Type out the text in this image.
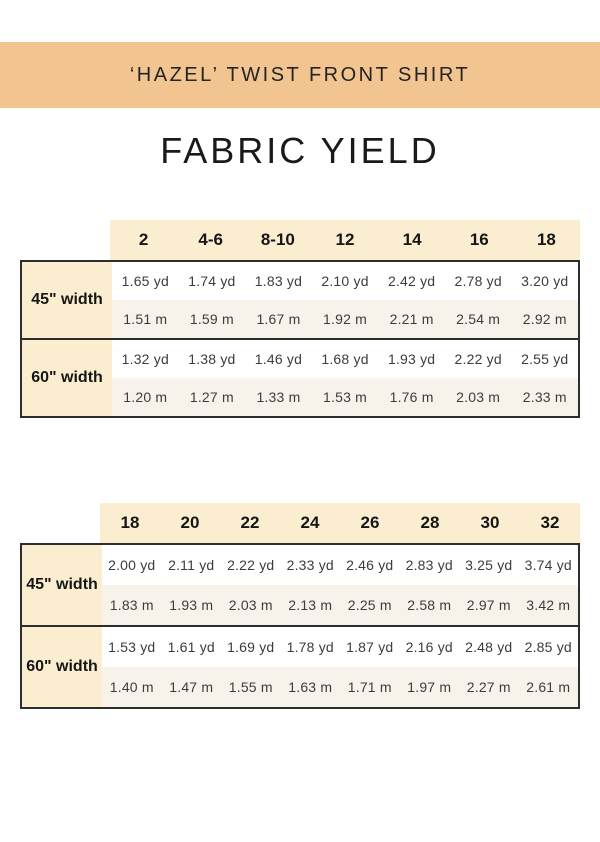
‘HAZEL’ TWIST FRONT SHIRT
FABRIC YIELD
2	4-6	8-10	12	14	16	18
45" width
1.65 yd	1.74 yd	1.83 yd	2.10 yd	2.42 yd	2.78 yd	3.20 yd
1.51 m	1.59 m	1.67 m	1.92 m	2.21 m	2.54 m	2.92 m
60" width
1.32 yd	1.38 yd	1.46 yd	1.68 yd	1.93 yd	2.22 yd	2.55 yd
1.20 m	1.27 m	1.33 m	1.53 m	1.76 m	2.03 m	2.33 m
18	20	22	24	26	28	30	32
45" width
2.00 yd 2.11 yd 2.22 yd 2.33 yd 2.46 yd 2.83 yd 3.25 yd 3.74 yd
1.83 m	1.93 m	2.03 m	2.13 m	2.25 m	2.58 m	2.97 m	3.42 m
60" width
1.53 yd 1.61 yd 1.69 yd 1.78 yd 1.87 yd 2.16 yd 2.48 yd 2.85 yd
1.40 m	1.47 m	1.55 m	1.63 m	1.71 m	1.97 m	2.27 m	2.61 m
